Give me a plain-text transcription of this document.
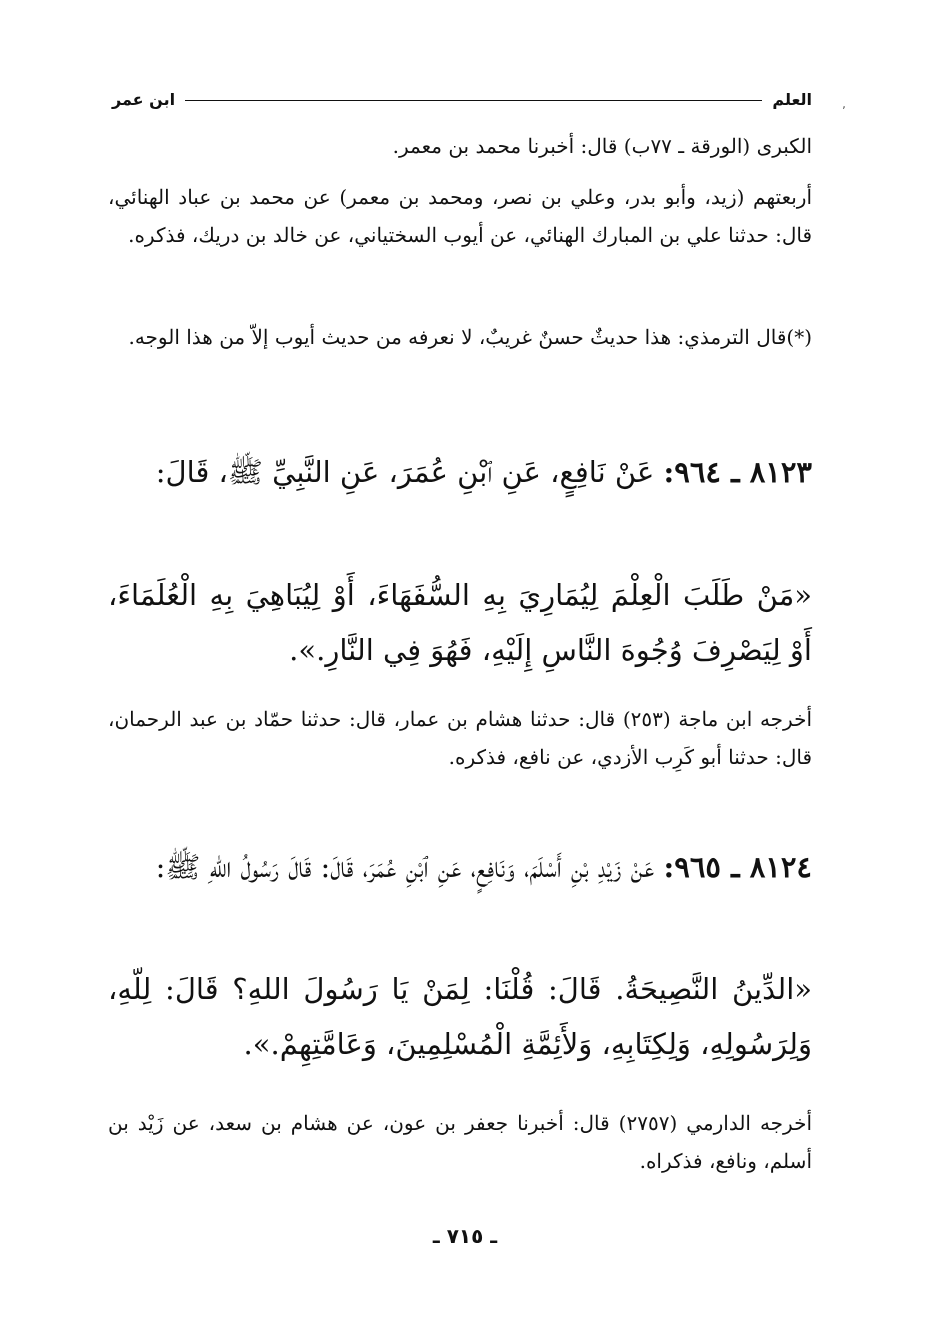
العلم
ابن عمر
٬

الكبرى (الورقة ـ ٧٧ب) قال: أخبرنا محمد بن معمر.

أربعتهم (زيد، وأبو بدر، وعلي بن نصر، ومحمد بن معمر) عن محمد بن عباد الهنائي، قال: حدثنا علي بن المبارك الهنائي، عن أيوب السختياني، عن خالد بن دريك، فذكره.

(*)قال الترمذي: هذا حديثٌ حسنٌ غريبٌ، لا نعرفه من حديث أيوب إلاّ من هذا الوجه.

٨١٢٣ ـ ٩٦٤: عَنْ نَافِعٍ، عَنِ ٱبْنِ عُمَرَ، عَنِ النَّبِيِّ ﷺ، قَالَ:

«مَنْ طَلَبَ الْعِلْمَ لِيُمَارِيَ بِهِ السُّفَهَاءَ، أَوْ لِيُبَاهِيَ بِهِ الْعُلَمَاءَ، أَوْ لِيَصْرِفَ وُجُوهَ النَّاسِ إِلَيْهِ، فَهُوَ فِي النَّارِ.».

أخرجه ابن ماجة (٢٥٣) قال: حدثنا هشام بن عمار، قال: حدثنا حمّاد بن عبد الرحمان، قال: حدثنا أبو كَرِب الأزدي، عن نافع، فذكره.

٨١٢٤ ـ ٩٦٥: عَنْ زَيْدِ بْنِ أَسْلَمَ، وَنَافِعٍ، عَنِ ٱبْنِ عُمَرَ، قَالَ: قَالَ رَسُولُ اللهِ ﷺ:

«الدِّينُ النَّصِيحَةُ. قَالَ: قُلْنَا: لِمَنْ يَا رَسُولَ اللهِ؟ قَالَ: لِلّهِ، وَلِرَسُولِهِ، وَلِكِتَابِهِ، وَلأَئِمَّةِ الْمُسْلِمِينَ، وَعَامَّتِهِمْ.».

أخرجه الدارمي (٢٧٥٧) قال: أخبرنا جعفر بن عون، عن هشام بن سعد، عن زَيْد بن أسلم، ونافع، فذكراه.

ـ ٧١٥ ـ
